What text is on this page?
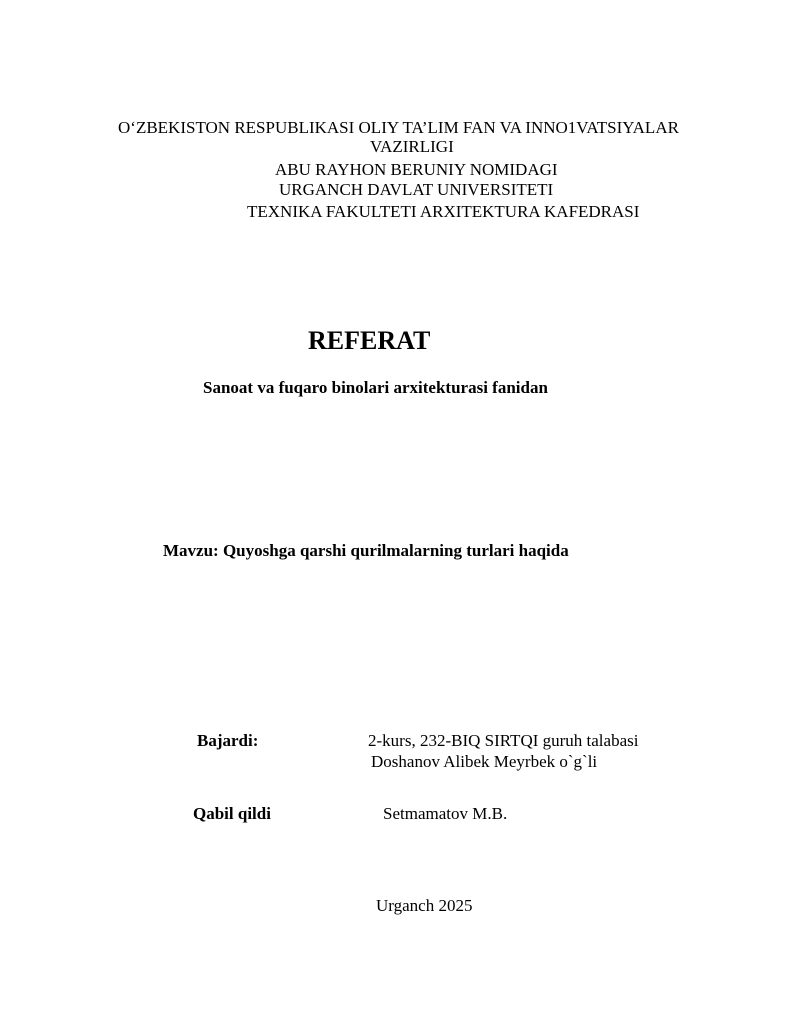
O‘ZBEKISTON RESPUBLIKASI OLIY TA’LIM FAN VA INNO1VATSIYALAR
VAZIRLIGI
ABU RAYHON BERUNIY NOMIDAGI
URGANCH DAVLAT UNIVERSITETI
TEXNIKA FAKULTETI ARXITEKTURA KAFEDRASI
REFERAT
Sanoat va fuqaro binolari arxitekturasi fanidan
Mavzu: Quyoshga qarshi qurilmalarning turlari haqida
Bajardi:	2-kurs, 232-BIQ SIRTQI guruh talabasi
Doshanov Alibek Meyrbek o`g`li
Qabil qildi	Setmamatov M.B.
Urganch 2025
